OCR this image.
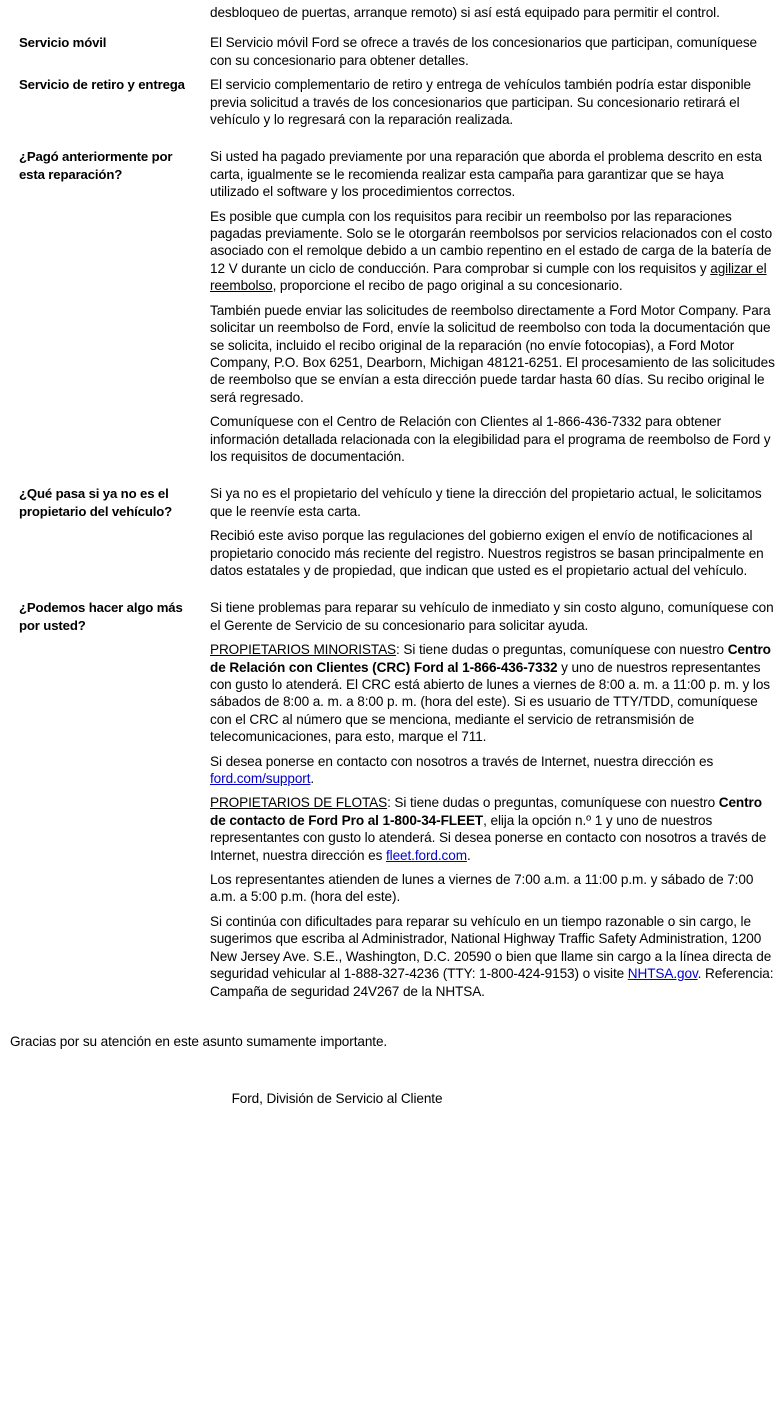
desbloqueo de puertas, arranque remoto) si así está equipado para permitir el control.

Servicio móvil	El Servicio móvil Ford se ofrece a través de los concesionarios que participan, comuníquese con su concesionario para obtener detalles.

Servicio de retiro y entrega	El servicio complementario de retiro y entrega de vehículos también podría estar disponible previa solicitud a través de los concesionarios que participan. Su concesionario retirará el vehículo y lo regresará con la reparación realizada.

¿Pagó anteriormente por esta reparación?

Si usted ha pagado previamente por una reparación que aborda el problema descrito en esta carta, igualmente se le recomienda realizar esta campaña para garantizar que se haya utilizado el software y los procedimientos correctos.

Es posible que cumpla con los requisitos para recibir un reembolso por las reparaciones pagadas previamente. Solo se le otorgarán reembolsos por servicios relacionados con el costo asociado con el remolque debido a un cambio repentino en el estado de carga de la batería de 12 V durante un ciclo de conducción. Para comprobar si cumple con los requisitos y agilizar el reembolso, proporcione el recibo de pago original a su concesionario.

También puede enviar las solicitudes de reembolso directamente a Ford Motor Company. Para solicitar un reembolso de Ford, envíe la solicitud de reembolso con toda la documentación que se solicita, incluido el recibo original de la reparación (no envíe fotocopias), a Ford Motor Company, P.O. Box 6251, Dearborn, Michigan 48121-6251. El procesamiento de las solicitudes de reembolso que se envían a esta dirección puede tardar hasta 60 días. Su recibo original le será regresado.

Comuníquese con el Centro de Relación con Clientes al 1-866-436-7332 para obtener información detallada relacionada con la elegibilidad para el programa de reembolso de Ford y los requisitos de documentación.

¿Qué pasa si ya no es el propietario del vehículo?

Si ya no es el propietario del vehículo y tiene la dirección del propietario actual, le solicitamos que le reenvíe esta carta.

Recibió este aviso porque las regulaciones del gobierno exigen el envío de notificaciones al propietario conocido más reciente del registro. Nuestros registros se basan principalmente en datos estatales y de propiedad, que indican que usted es el propietario actual del vehículo.

¿Podemos hacer algo más por usted?

Si tiene problemas para reparar su vehículo de inmediato y sin costo alguno, comuníquese con el Gerente de Servicio de su concesionario para solicitar ayuda.

PROPIETARIOS MINORISTAS: Si tiene dudas o preguntas, comuníquese con nuestro Centro de Relación con Clientes (CRC) Ford al 1-866-436-7332 y uno de nuestros representantes con gusto lo atenderá. El CRC está abierto de lunes a viernes de 8:00 a. m. a 11:00 p. m. y los sábados de 8:00 a. m. a 8:00 p. m. (hora del este). Si es usuario de TTY/TDD, comuníquese con el CRC al número que se menciona, mediante el servicio de retransmisión de telecomunicaciones, para esto, marque el 711.

Si desea ponerse en contacto con nosotros a través de Internet, nuestra dirección es ford.com/support.

PROPIETARIOS DE FLOTAS: Si tiene dudas o preguntas, comuníquese con nuestro Centro de contacto de Ford Pro al 1-800-34-FLEET, elija la opción n.º 1 y uno de nuestros representantes con gusto lo atenderá. Si desea ponerse en contacto con nosotros a través de Internet, nuestra dirección es fleet.ford.com.

Los representantes atienden de lunes a viernes de 7:00 a.m. a 11:00 p.m. y sábado de 7:00 a.m. a 5:00 p.m. (hora del este).

Si continúa con dificultades para reparar su vehículo en un tiempo razonable o sin cargo, le sugerimos que escriba al Administrador, National Highway Traffic Safety Administration, 1200 New Jersey Ave. S.E., Washington, D.C. 20590 o bien que llame sin cargo a la línea directa de seguridad vehicular al 1-888-327-4236 (TTY: 1-800-424-9153) o visite NHTSA.gov. Referencia: Campaña de seguridad 24V267 de la NHTSA.

Gracias por su atención en este asunto sumamente importante.
Ford, División de Servicio al Cliente
